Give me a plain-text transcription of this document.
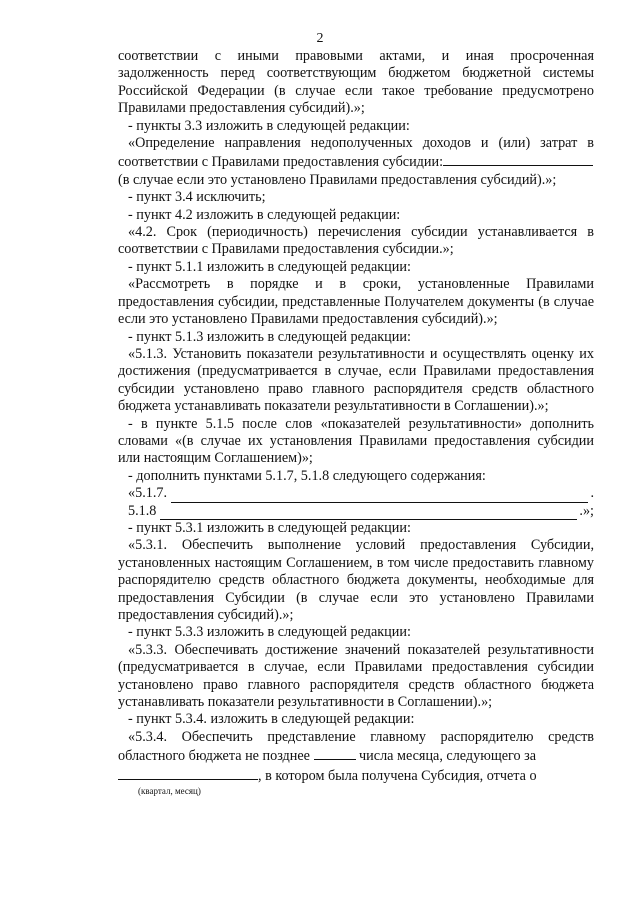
2

соответствии с иными правовыми актами, и иная просроченная задолженность перед соответствующим бюджетом бюджетной системы Российской Федерации (в случае если такое требование предусмотрено Правилами предоставления субсидий).»;

- пункты 3.3 изложить в следующей редакции:

«Определение направления недополученных доходов и (или) затрат в соответствии с Правилами предоставления субсидии:

(в случае если это установлено Правилами предоставления субсидий).»;

- пункт 3.4 исключить;

- пункт 4.2 изложить в следующей редакции:

«4.2. Срок (периодичность) перечисления субсидии устанавливается в соответствии с Правилами предоставления субсидии.»;

- пункт 5.1.1 изложить в следующей редакции:

«Рассмотреть в порядке и в сроки, установленные Правилами предоставления субсидии, представленные Получателем документы (в случае если это установлено Правилами предоставления субсидий).»;

- пункт 5.1.3 изложить в следующей редакции:

«5.1.3. Установить показатели результативности и осуществлять оценку их достижения (предусматривается в случае, если Правилами предоставления субсидии установлено право главного распорядителя средств областного бюджета устанавливать показатели результативности в Соглашении).»;

- в пункте 5.1.5 после слов «показателей результативности» дополнить словами «(в случае их установления Правилами предоставления субсидии или настоящим Соглашением)»;

- дополнить пунктами 5.1.7, 5.1.8 следующего содержания:

«5.1.7.	.
5.1.8	.»;

- пункт 5.3.1 изложить в следующей редакции:

«5.3.1. Обеспечить выполнение условий предоставления Субсидии, установленных настоящим Соглашением, в том числе предоставить главному распорядителю средств областного бюджета документы, необходимые для предоставления Субсидии (в случае если это установлено Правилами предоставления субсидий).»;

- пункт 5.3.3 изложить в следующей редакции:

«5.3.3. Обеспечивать достижение значений показателей результативности (предусматривается в случае, если Правилами предоставления субсидии установлено право главного распорядителя средств областного бюджета устанавливать показатели результативности в Соглашении).»;

- пункт 5.3.4. изложить в следующей редакции:

«5.3.4. Обеспечить представление главному распорядителю средств областного бюджета не позднее	числа месяца, следующего за

, в котором была получена Субсидия, отчета о

(квартал, месяц)
